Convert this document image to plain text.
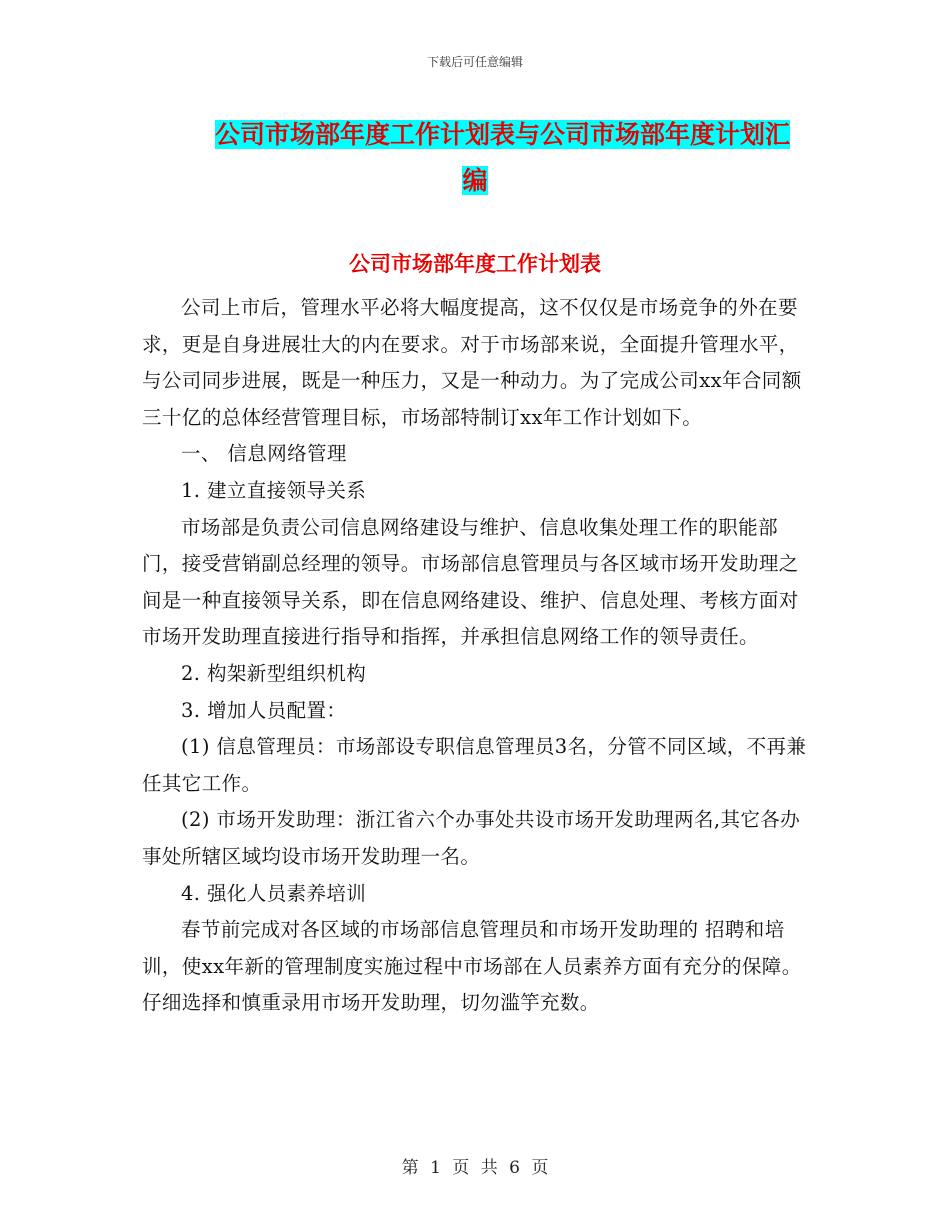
下载后可任意编辑
公司市场部年度工作计划表与公司市场部年度计划汇
编
公司市场部年度工作计划表

公司上市后，管理水平必将大幅度提高，这不仅仅是市场竞争的外在要求，更是自身进展壮大的内在要求。对于市场部来说，全面提升管理水平，与公司同步进展，既是一种压力，又是一种动力。为了完成公司xx年合同额三十亿的总体经营管理目标，市场部特制订xx年工作计划如下。

一、 信息网络管理

1. 建立直接领导关系

市场部是负责公司信息网络建设与维护、信息收集处理工作的职能部门，接受营销副总经理的领导。市场部信息管理员与各区域市场开发助理之间是一种直接领导关系，即在信息网络建设、维护、信息处理、考核方面对市场开发助理直接进行指导和指挥，并承担信息网络工作的领导责任。

2. 构架新型组织机构

3. 增加人员配置：

(1) 信息管理员：市场部设专职信息管理员3名，分管不同区域，不再兼任其它工作。

(2) 市场开发助理：浙江省六个办事处共设市场开发助理两名,其它各办事处所辖区域均设市场开发助理一名。

4. 强化人员素养培训

春节前完成对各区域的市场部信息管理员和市场开发助理的 招聘和培训，使xx年新的管理制度实施过程中市场部在人员素养方面有充分的保障。仔细选择和慎重录用市场开发助理，切勿滥竽充数。

第 1 页 共 6 页
